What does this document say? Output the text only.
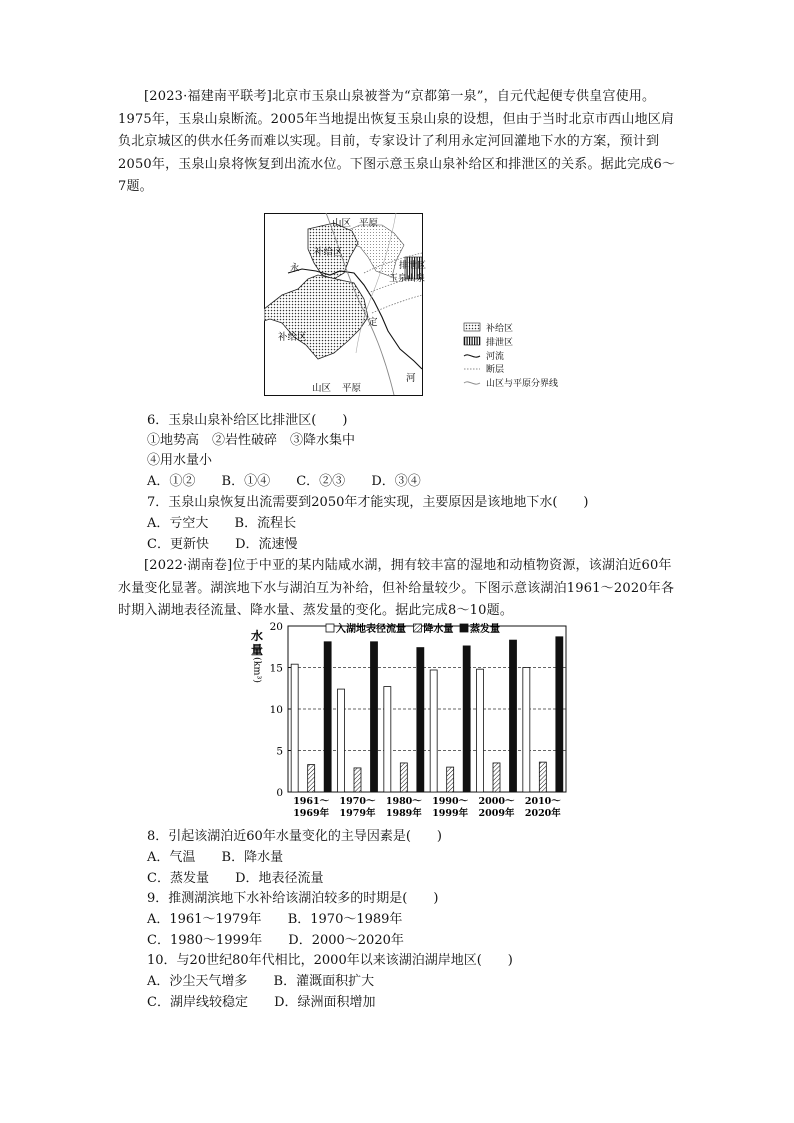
[2023·福建南平联考]北京市玉泉山泉被誉为“京都第一泉”，自元代起便专供皇宫使用。1975年，玉泉山泉断流。2005年当地提出恢复玉泉山泉的设想，但由于当时北京市西山地区肩负北京城区的供水任务而难以实现。目前，专家设计了利用永定河回灌地下水的方案，预计到2050年，玉泉山泉将恢复到出流水位。下图示意玉泉山泉补给区和排泄区的关系。据此完成6～7题。

山区 平原
补给区
永
补给区
定
河
排泄区
玉泉山泉
山区 平原
补给区
排泄区
河流
断层
山区与平原分界线

6．玉泉山泉补给区比排泄区(　　)

①地势高　②岩性破碎　③降水集中

④用水量小

A．①② B．①④ C．②③ D．③④

7．玉泉山泉恢复出流需要到2050年才能实现，主要原因是该地地下水(　　)

A．亏空大 B．流程长

C．更新快 D．流速慢

[2022·湖南卷]位于中亚的某内陆咸水湖，拥有较丰富的湿地和动植物资源，该湖泊近60年水量变化显著。湖滨地下水与湖泊互为补给，但补给量较少。下图示意该湖泊1961～2020年各时期入湖地表径流量、降水量、蒸发量的变化。据此完成8～10题。

0
5
10
15
20
水
量
(km³)
1961～
1969年
1970～
1979年
1980～
1989年
1990～
1999年
2000～
2009年
2010～
2020年
入湖地表径流量 降水量 蒸发量

8．引起该湖泊近60年水量变化的主导因素是(　　)

A．气温 B．降水量

C．蒸发量 D．地表径流量

9．推测湖滨地下水补给该湖泊较多的时期是(　　)

A．1961～1979年 B．1970～1989年

C．1980～1999年 D．2000～2020年

10．与20世纪80年代相比，2000年以来该湖泊湖岸地区(　　)

A．沙尘天气增多 B．灌溉面积扩大

C．湖岸线较稳定 D．绿洲面积增加
